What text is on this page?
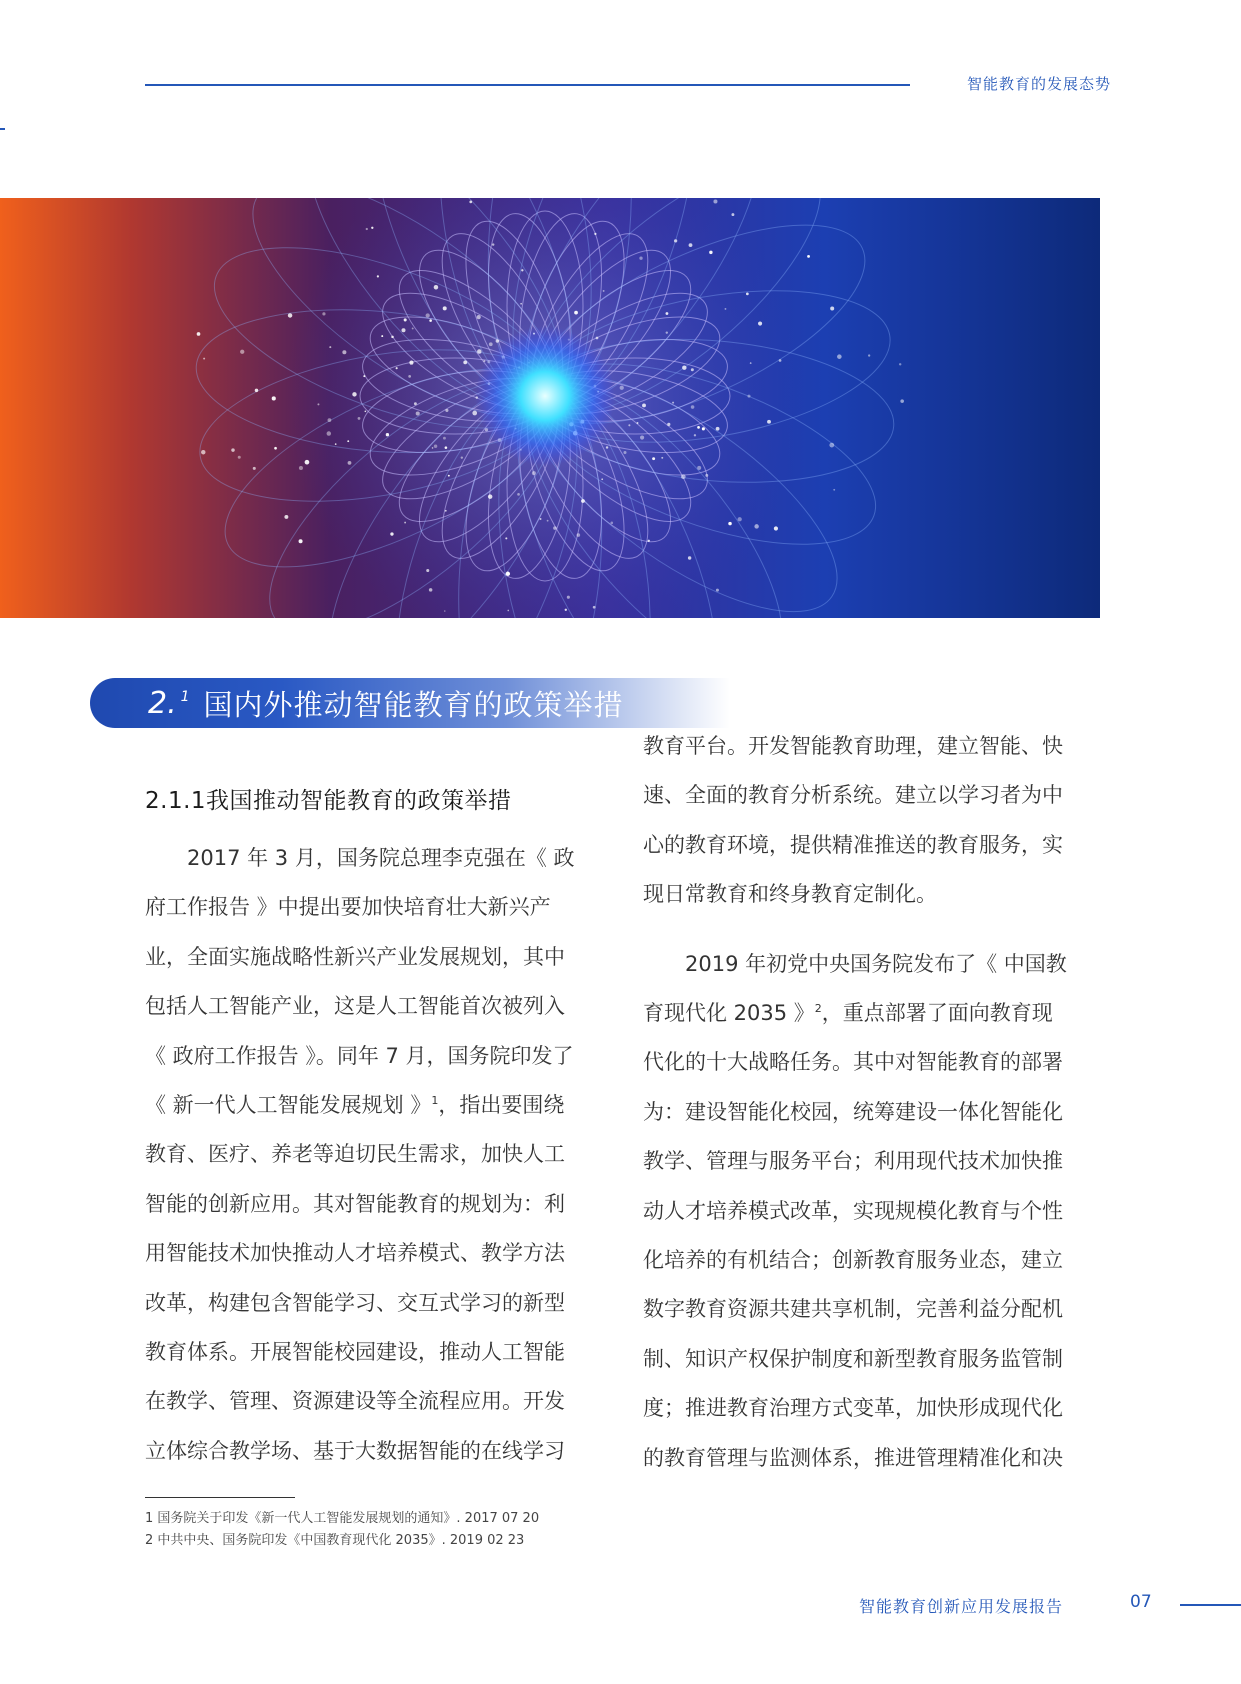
智能教育的发展态势
2. 1 国内外推动智能教育的政策举措
2.1.1我国推动智能教育的政策举措
2017 年 3 月，国务院总理李克强在《 政
府工作报告 》中提出要加快培育壮大新兴产
业，全面实施战略性新兴产业发展规划，其中
包括人工智能产业，这是人工智能首次被列入
《 政府工作报告 》。同年 7 月，国务院印发了
《 新一代人工智能发展规划 》$^1$，指出要围绕
教育、医疗、养老等迫切民生需求，加快人工
智能的创新应用。其对智能教育的规划为：利
用智能技术加快推动人才培养模式、教学方法
改革，构建包含智能学习、交互式学习的新型
教育体系。开展智能校园建设，推动人工智能
在教学、管理、资源建设等全流程应用。开发
立体综合教学场、基于大数据智能的在线学习
教育平台。开发智能教育助理，建立智能、快
速、全面的教育分析系统。建立以学习者为中
心的教育环境，提供精准推送的教育服务，实
现日常教育和终身教育定制化。
2019 年初党中央国务院发布了《 中国教
育现代化 2035 》$^2$，重点部署了面向教育现
代化的十大战略任务。其中对智能教育的部署
为：建设智能化校园，统筹建设一体化智能化
教学、管理与服务平台；利用现代技术加快推
动人才培养模式改革，实现规模化教育与个性
化培养的有机结合；创新教育服务业态，建立
数字教育资源共建共享机制，完善利益分配机
制、知识产权保护制度和新型教育服务监管制
度；推进教育治理方式变革，加快形成现代化
的教育管理与监测体系，推进管理精准化和决
1 国务院关于印发《新一代人工智能发展规划的通知》. 2017 07 20
2 中共中央、国务院印发《中国教育现代化 2035》. 2019 02 23
智能教育创新应用发展报告	07
